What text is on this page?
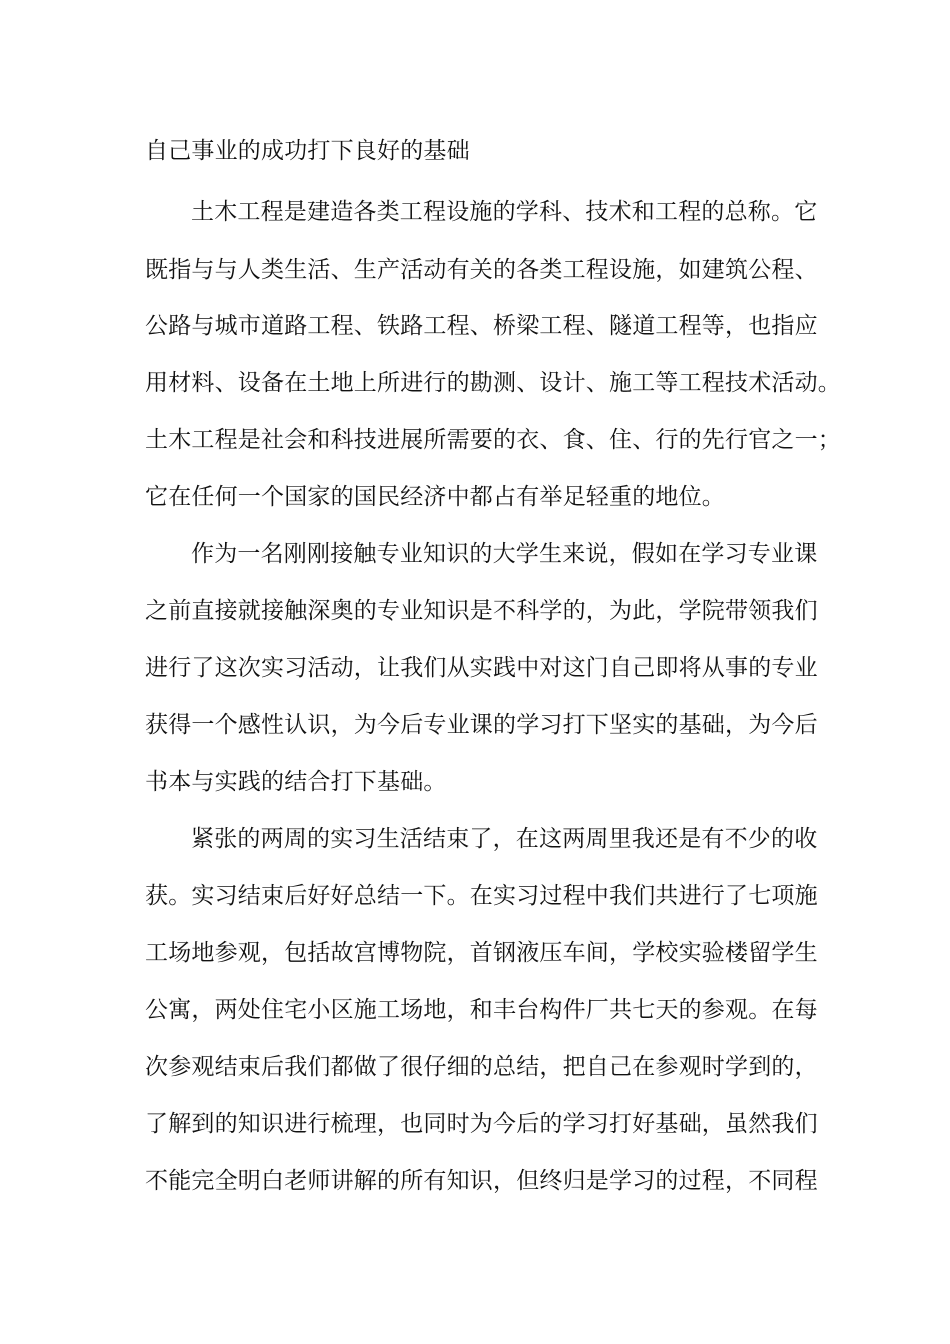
自己事业的成功打下良好的基础
土木工程是建造各类工程设施的学科、技术和工程的总称。它
既指与与人类生活、生产活动有关的各类工程设施，如建筑公程、
公路与城市道路工程、铁路工程、桥梁工程、隧道工程等，也指应
用材料、设备在土地上所进行的勘测、设计、施工等工程技术活动。
土木工程是社会和科技进展所需要的衣、食、住、行的先行官之一；
它在任何一个国家的国民经济中都占有举足轻重的地位。
作为一名刚刚接触专业知识的大学生来说，假如在学习专业课
之前直接就接触深奥的专业知识是不科学的，为此，学院带领我们
进行了这次实习活动，让我们从实践中对这门自己即将从事的专业
获得一个感性认识，为今后专业课的学习打下坚实的基础，为今后
书本与实践的结合打下基础。
紧张的两周的实习生活结束了，在这两周里我还是有不少的收
获。实习结束后好好总结一下。在实习过程中我们共进行了七项施
工场地参观，包括故宫博物院，首钢液压车间，学校实验楼留学生
公寓，两处住宅小区施工场地，和丰台构件厂共七天的参观。在每
次参观结束后我们都做了很仔细的总结，把自己在参观时学到的，
了解到的知识进行梳理，也同时为今后的学习打好基础，虽然我们
不能完全明白老师讲解的所有知识，但终归是学习的过程，不同程
